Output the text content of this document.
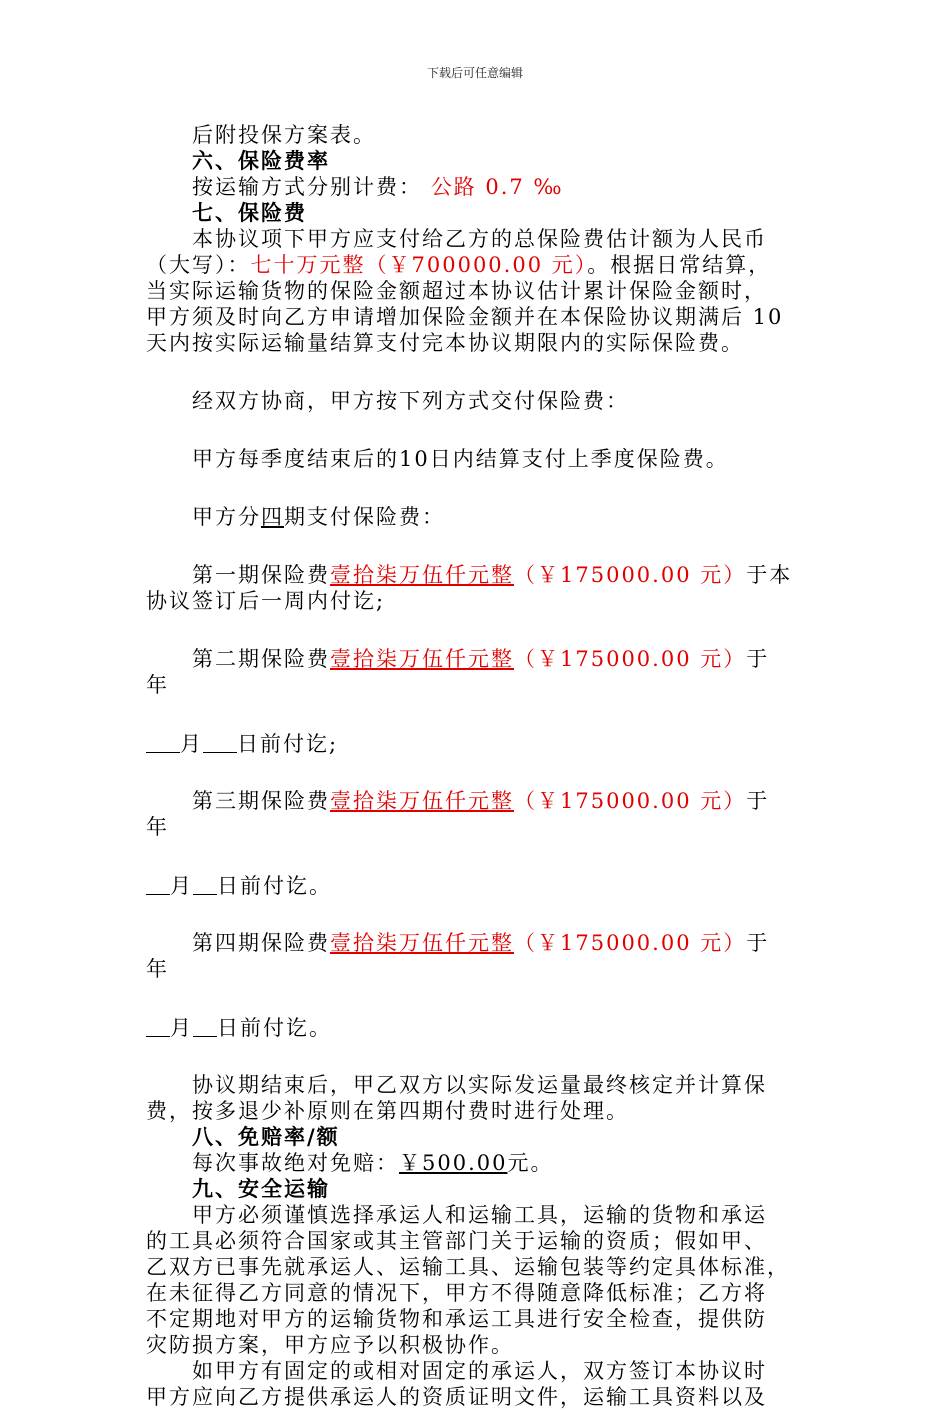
下载后可任意编辑
后附投保方案表。
六、保险费率
按运输方式分别计费： 公路 0.7 ‰
七、保险费
本协议项下甲方应支付给乙方的总保险费估计额为人民币
（大写）：七十万元整（￥700000.00 元）。根据日常结算，
当实际运输货物的保险金额超过本协议估计累计保险金额时，
甲方须及时向乙方申请增加保险金额并在本保险协议期满后 10
天内按实际运输量结算支付完本协议期限内的实际保险费。
经双方协商，甲方按下列方式交付保险费：
甲方每季度结束后的10日内结算支付上季度保险费。
甲方分四期支付保险费：
第一期保险费壹拾柒万伍仟元整（￥175000.00 元）于本
协议签订后一周内付讫;
第二期保险费壹拾柒万伍仟元整（￥175000.00 元）于
年
月 日前付讫;
第三期保险费壹拾柒万伍仟元整（￥175000.00 元）于
年
月 日前付讫。
第四期保险费壹拾柒万伍仟元整（￥175000.00 元）于
年
月 日前付讫。
协议期结束后，甲乙双方以实际发运量最终核定并计算保
费，按多退少补原则在第四期付费时进行处理。
八、免赔率/额
每次事故绝对免赔：￥500.00元。
九、安全运输
甲方必须谨慎选择承运人和运输工具，运输的货物和承运
的工具必须符合国家或其主管部门关于运输的资质；假如甲、
乙双方已事先就承运人、运输工具、运输包装等约定具体标准，
在未征得乙方同意的情况下，甲方不得随意降低标准；乙方将
不定期地对甲方的运输货物和承运工具进行安全检查，提供防
灾防损方案，甲方应予以积极协作。
如甲方有固定的或相对固定的承运人，双方签订本协议时
甲方应向乙方提供承运人的资质证明文件，运输工具资料以及
